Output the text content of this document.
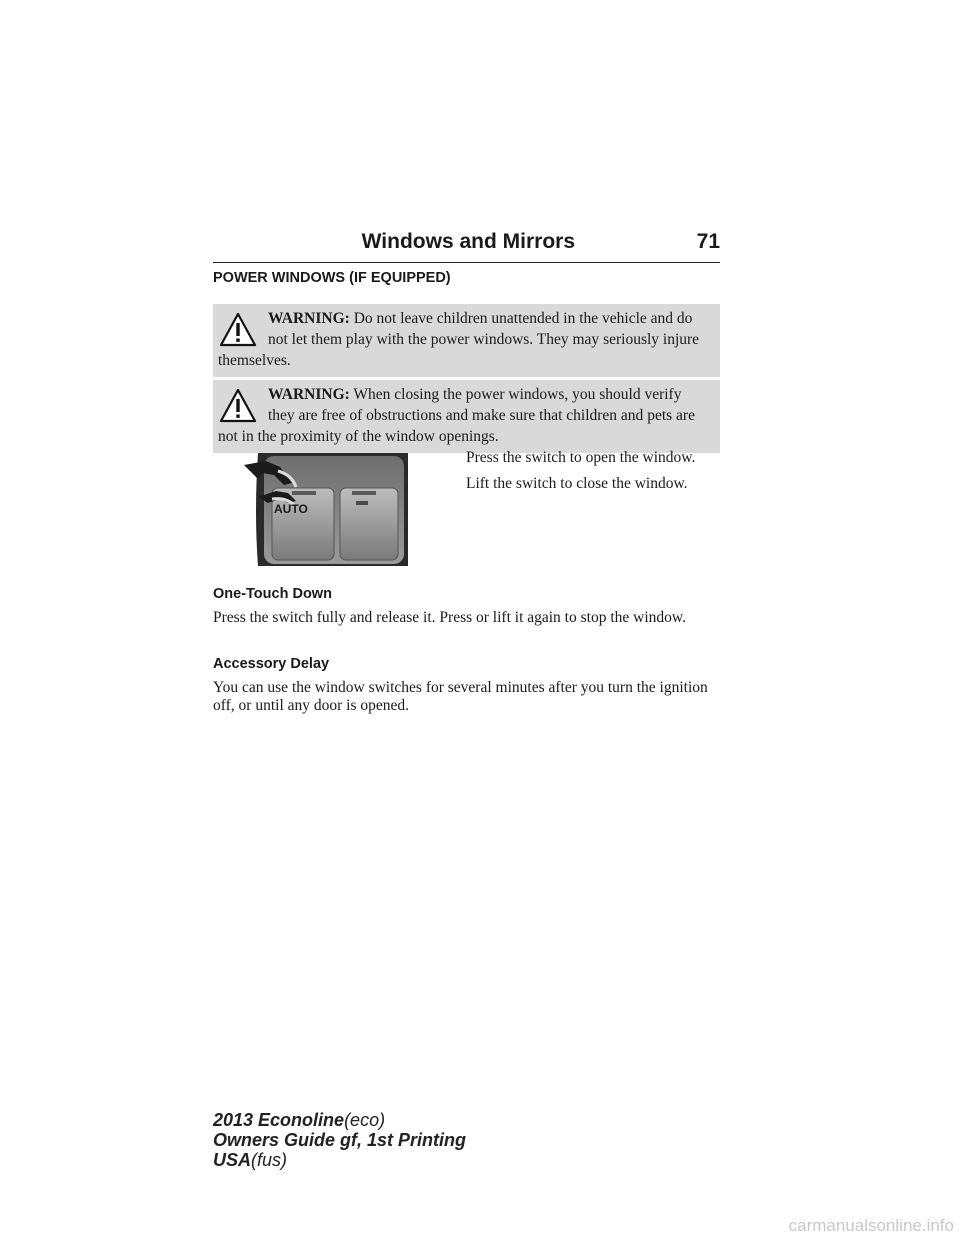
Windows and Mirrors	71
POWER WINDOWS (IF EQUIPPED)
WARNING: Do not leave children unattended in the vehicle and do not let them play with the power windows. They may seriously injure themselves.
WARNING: When closing the power windows, you should verify they are free of obstructions and make sure that children and pets are not in the proximity of the window openings.
AUTO

Press the switch to open the window.

Lift the switch to close the window.

One-Touch Down

Press the switch fully and release it. Press or lift it again to stop the window.

Accessory Delay

You can use the window switches for several minutes after you turn the ignition off, or until any door is opened.

2013 Econoline(eco)
Owners Guide gf, 1st Printing
USA(fus)
carmanualsonline.info
